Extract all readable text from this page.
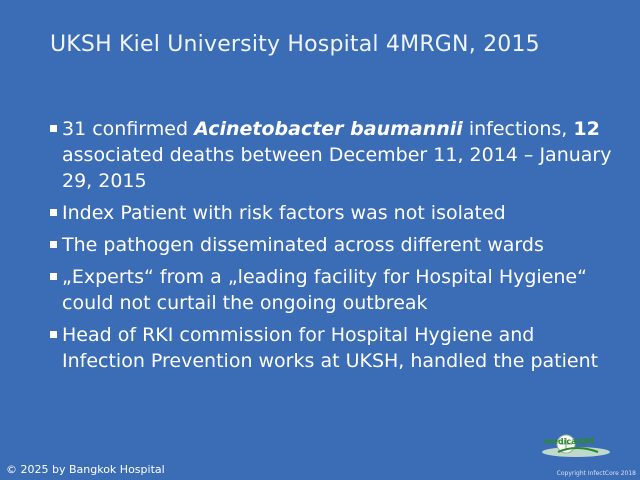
UKSH Kiel University Hospital 4MRGN, 2015
31 confirmed Acinetobacter baumannii infections, 12 associated deaths between December 11, 2014 – January 29, 2015
Index Patient with risk factors was not isolated
The pathogen disseminated across different wards
„Experts“ from a „leading facility for Hospital Hygiene“ could not curtail the ongoing outbreak
Head of RKI commission for Hospital Hygiene and Infection Prevention works at UKSH, handled the patient
© 2025 by Bangkok Hospital
medicalQM
Copyright InfectCore 2018
